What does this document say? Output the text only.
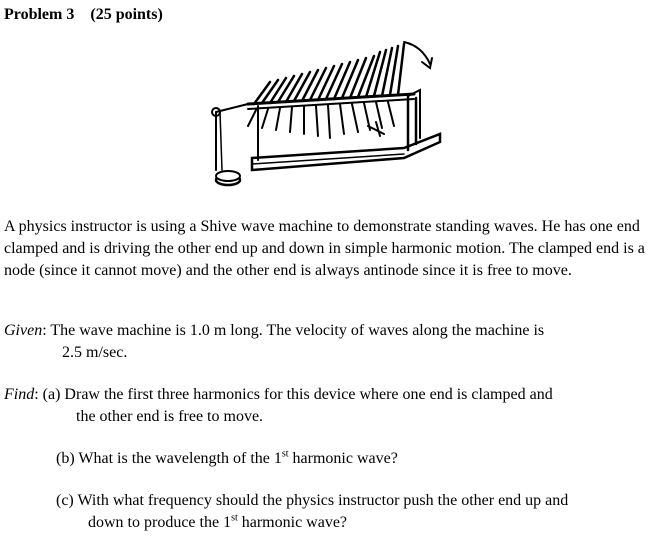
Problem 3 (25 points)
A physics instructor is using a Shive wave machine to demonstrate standing waves. He has one end clamped and is driving the other end up and down in simple harmonic motion. The clamped end is a node (since it cannot move) and the other end is always antinode since it is free to move.
Given: The wave machine is 1.0 m long. The velocity of waves along the machine is
2.5 m/sec.
Find: (a) Draw the first three harmonics for this device where one end is clamped and
the other end is free to move.
(b) What is the wavelength of the 1st harmonic wave?
(c) With what frequency should the physics instructor push the other end up and
down to produce the 1st harmonic wave?
